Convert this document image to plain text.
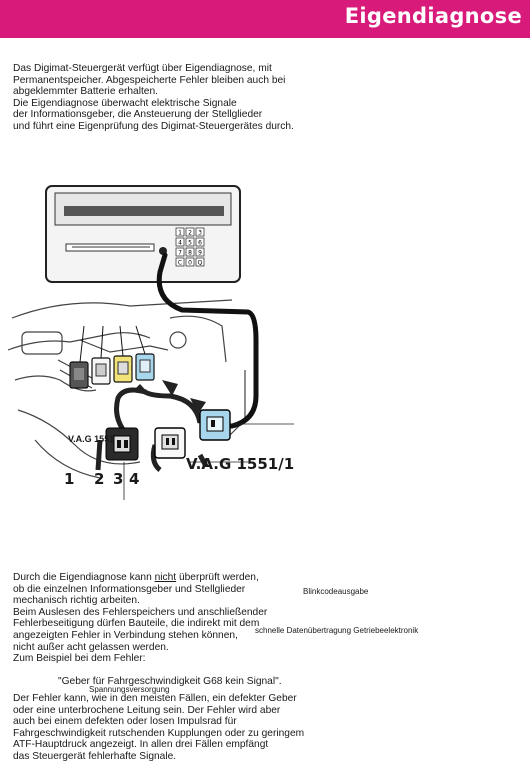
Eigendiagnose
Das Digimat-Steuergerät verfügt über Eigendiagnose, mit
Permanentspeicher. Abgespeicherte Fehler bleiben auch bei
abgeklemmter Batterie erhalten.
Die Eigendiagnose überwacht elektrische Signale
der Informationsgeber, die Ansteuerung der Stellglieder
und führt eine Eigenprüfung des Digimat-Steuergerätes durch.
1 2 3
4 5 6
7 8 9
C 0 Q
1 2 3 4
V.A.G 1551
V.A.G 1551/1
Blinkcodeausgabe
schnelle Datenübertragung Getriebeelektronik
Spannungsversorgung
Durch die Eigendiagnose kann nicht überprüft werden,
ob die einzelnen Informationsgeber und Stellglieder
mechanisch richtig arbeiten.
Beim Auslesen des Fehlerspeichers und anschließender
Fehlerbeseitigung dürfen Bauteile, die indirekt mit dem
angezeigten Fehler in Verbindung stehen können,
nicht außer acht gelassen werden.
Zum Beispiel bei dem Fehler:
"Geber für Fahrgeschwindigkeit G68 kein Signal".
Der Fehler kann, wie in den meisten Fällen, ein defekter Geber
oder eine unterbrochene Leitung sein. Der Fehler wird aber
auch bei einem defekten oder losen Impulsrad für
Fahrgeschwindigkeit rutschenden Kupplungen oder zu geringem
ATF-Hauptdruck angezeigt. In allen drei Fällen empfängt
das Steuergerät fehlerhafte Signale.
